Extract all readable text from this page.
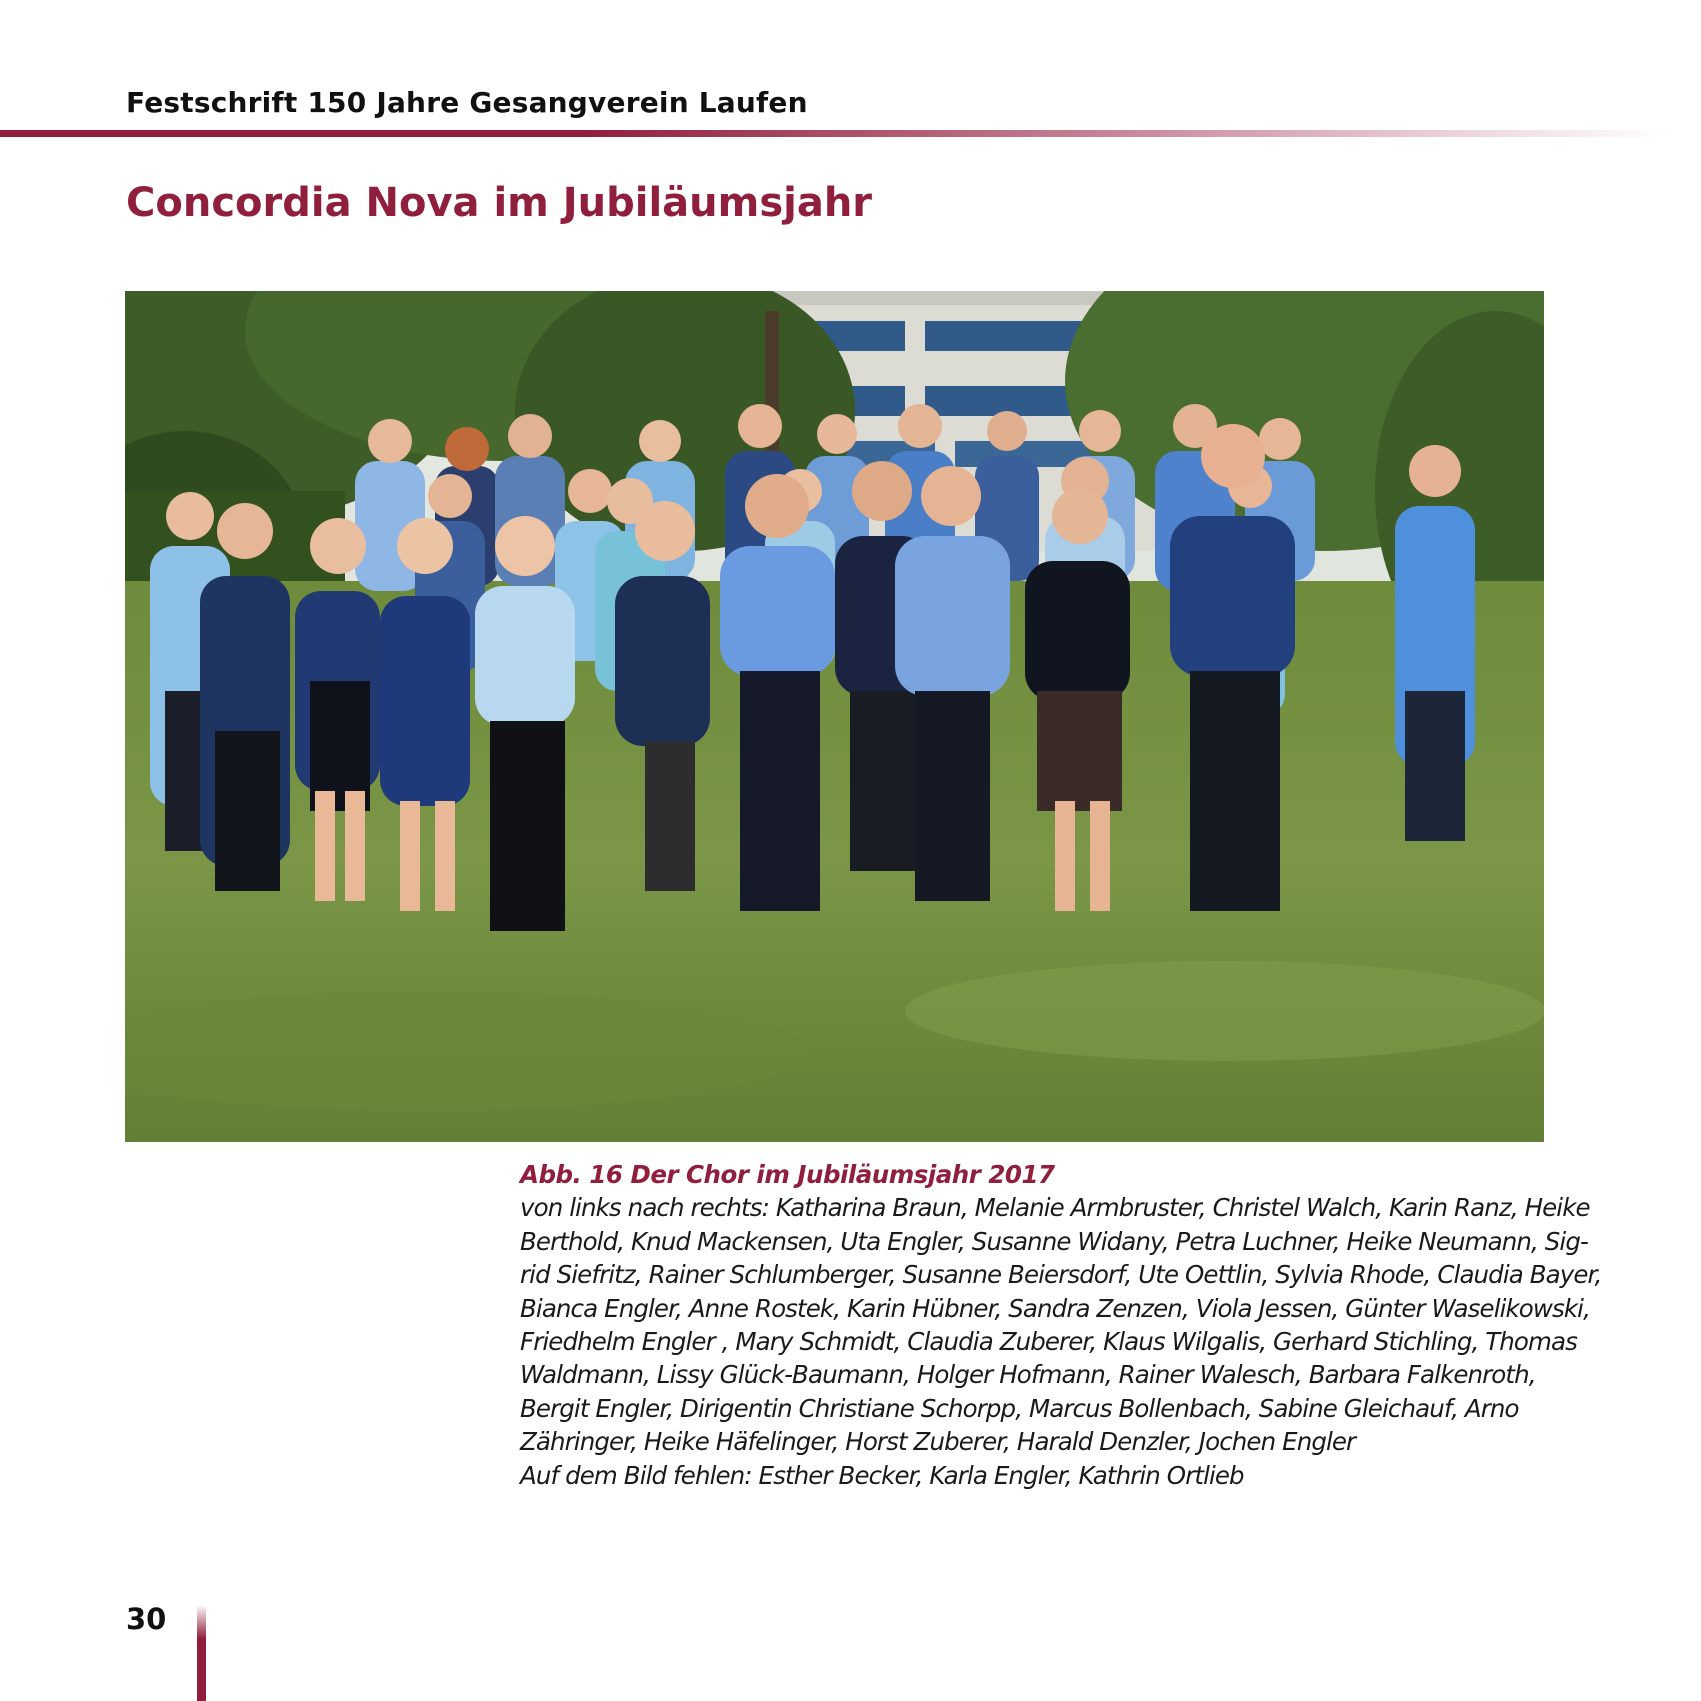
Festschrift 150 Jahre Gesangverein Laufen
Concordia Nova im Jubiläumsjahr
Abb. 16 Der Chor im Jubiläumsjahr 2017
von links nach rechts: Katharina Braun, Melanie Armbruster, Christel Walch, Karin Ranz, Heike
Berthold, Knud Mackensen, Uta Engler, Susanne Widany, Petra Luchner, Heike Neumann, Sig-
rid Siefritz, Rainer Schlumberger, Susanne Beiersdorf, Ute Oettlin, Sylvia Rhode, Claudia Bayer,
Bianca Engler, Anne Rostek, Karin Hübner, Sandra Zenzen, Viola Jessen, Günter Waselikowski,
Friedhelm Engler , Mary Schmidt, Claudia Zuberer, Klaus Wilgalis, Gerhard Stichling, Thomas
Waldmann, Lissy Glück-Baumann, Holger Hofmann, Rainer Walesch, Barbara Falkenroth,
Bergit Engler, Dirigentin Christiane Schorpp, Marcus Bollenbach, Sabine Gleichauf, Arno
Zähringer, Heike Häfelinger, Horst Zuberer, Harald Denzler, Jochen Engler
Auf dem Bild fehlen: Esther Becker, Karla Engler, Kathrin Ortlieb
30
